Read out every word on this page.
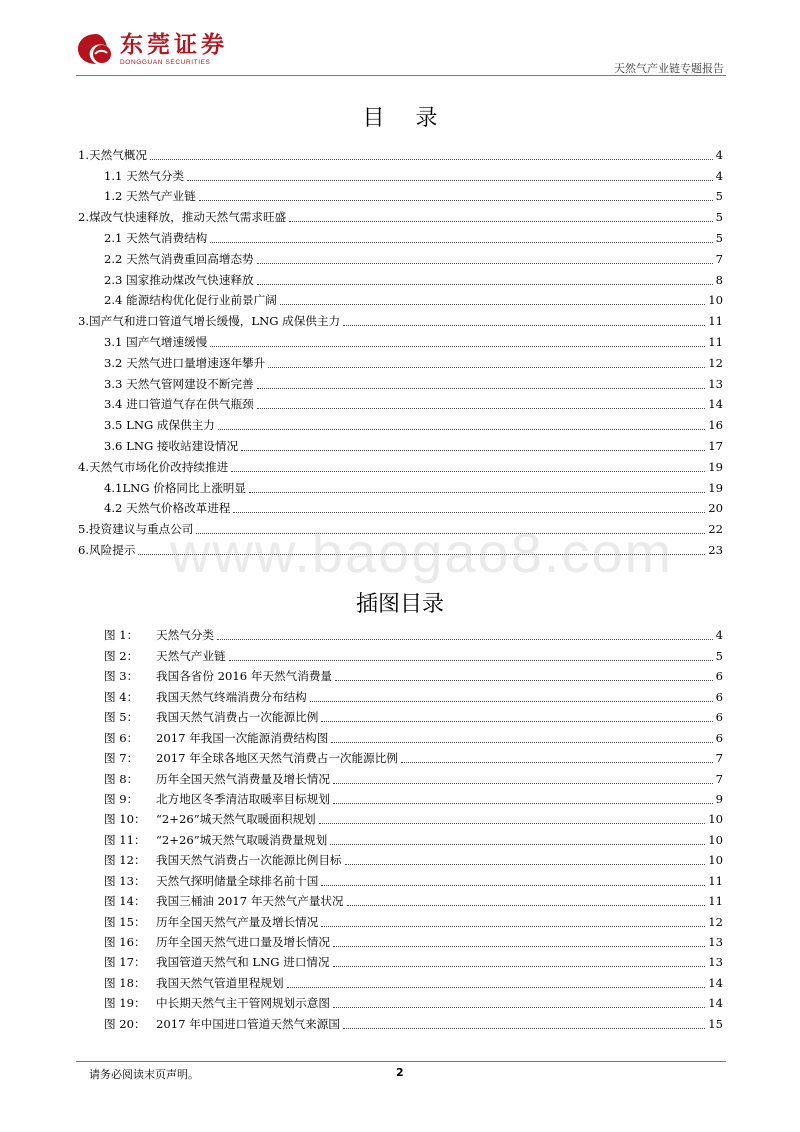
东莞证券
DONGGUAN SECURITIES	天然气产业链专题报告
目 录
1.天然气概况	4
1.1 天然气分类	4
1.2 天然气产业链	5
2.煤改气快速释放，推动天然气需求旺盛	5
2.1 天然气消费结构	5
2.2 天然气消费重回高增态势	7
2.3 国家推动煤改气快速释放	8
2.4 能源结构优化促行业前景广阔	10
3.国产气和进口管道气增长缓慢，LNG 成保供主力	11
3.1 国产气增速缓慢	11
3.2 天然气进口量增速逐年攀升	12
3.3 天然气管网建设不断完善	13
3.4 进口管道气存在供气瓶颈	14
3.5 LNG 成保供主力	16
3.6 LNG 接收站建设情况	17
4.天然气市场化价改持续推进	19
4.1LNG 价格同比上涨明显	19
4.2 天然气价格改革进程	20
5.投资建议与重点公司	22
6.风险提示	23
www.baogao8.com
插图目录
图 1： 天然气分类	4
图 2： 天然气产业链	5
图 3： 我国各省份 2016 年天然气消费量	6
图 4： 我国天然气终端消费分布结构	6
图 5： 我国天然气消费占一次能源比例	6
图 6： 2017 年我国一次能源消费结构图	6
图 7： 2017 年全球各地区天然气消费占一次能源比例	7
图 8： 历年全国天然气消费量及增长情况	7
图 9： 北方地区冬季清洁取暖率目标规划	9
图 10： “2+26”城天然气取暖面积规划	10
图 11： “2+26”城天然气取暖消费量规划	10
图 12： 我国天然气消费占一次能源比例目标	10
图 13： 天然气探明储量全球排名前十国	11
图 14： 我国三桶油 2017 年天然气产量状况	11
图 15： 历年全国天然气产量及增长情况	12
图 16： 历年全国天然气进口量及增长情况	13
图 17： 我国管道天然气和 LNG 进口情况	13
图 18： 我国天然气管道里程规划	14
图 19： 中长期天然气主干管网规划示意图	14
图 20： 2017 年中国进口管道天然气来源国	15
请务必阅读末页声明。	2
